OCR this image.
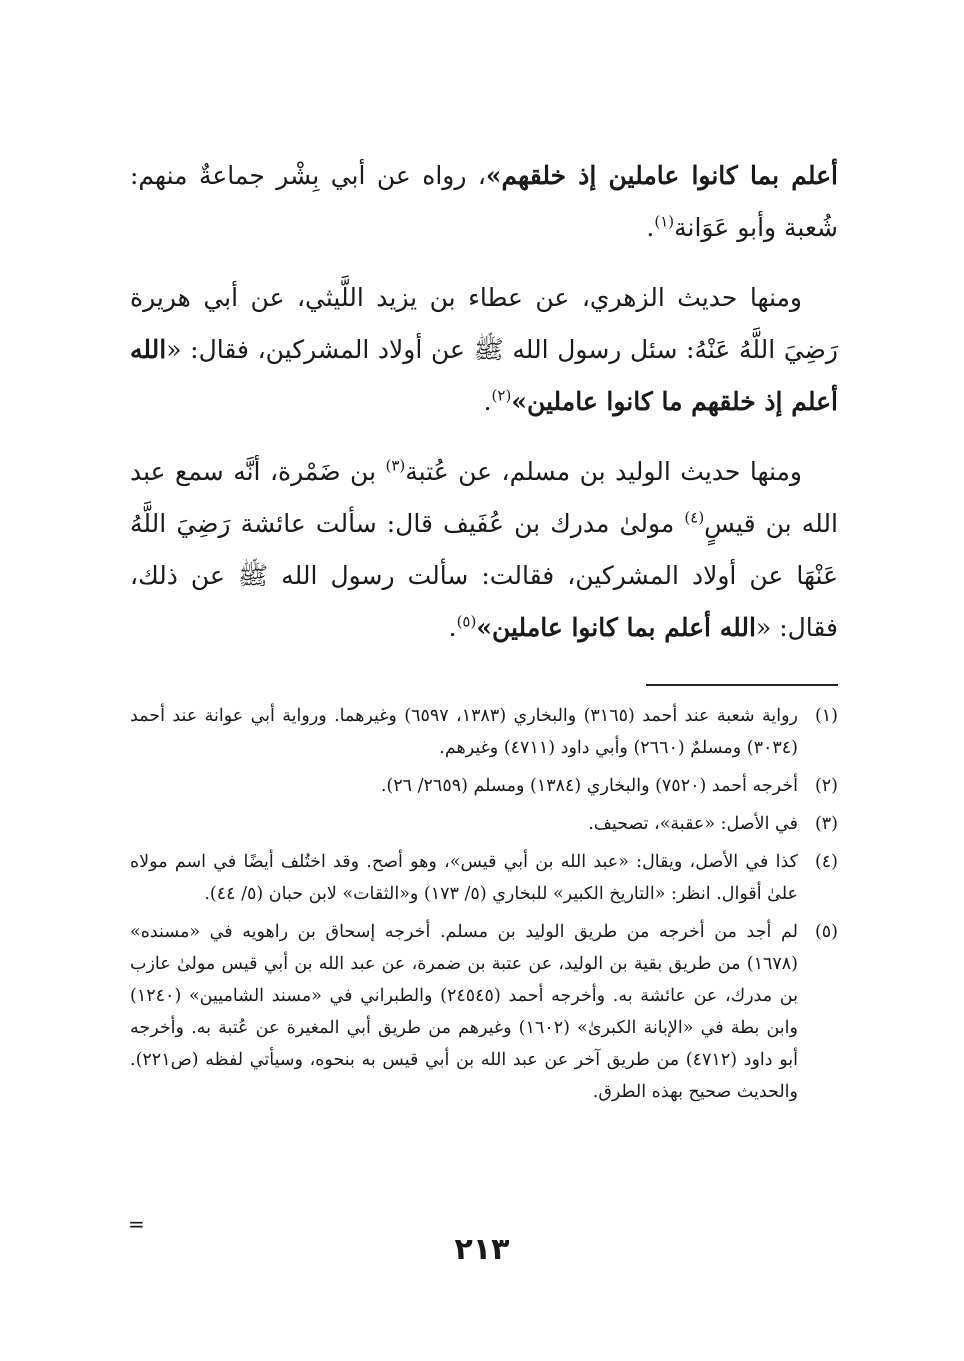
أعلم بما كانوا عاملين إذ خلقهم»، رواه عن أبي بِشْر جماعةٌ منهم: شُعبة وأبو عَوَانة$^{(١)}$.

ومنها حديث الزهري، عن عطاء بن يزيد اللَّيثي، عن أبي هريرة رَضِيَ اللَّهُ عَنْهُ: سئل رسول الله ﷺ عن أولاد المشركين، فقال: «الله أعلم إذ خلقهم ما كانوا عاملين»$^{(٢)}$.

ومنها حديث الوليد بن مسلم، عن عُتبة$^{(٣)}$ بن ضَمْرة، أنَّه سمع عبد الله بن قيسٍ$^{(٤)}$ مولىٰ مدرك بن عُفَيف قال: سألت عائشة رَضِيَ اللَّهُ عَنْهَا عن أولاد المشركين، فقالت: سألت رسول الله ﷺ عن ذلك، فقال: «الله أعلم بما كانوا عاملين»$^{(٥)}$.

(١)
رواية شعبة عند أحمد (٣١٦٥) والبخاري (١٣٨٣، ٦٥٩٧) وغيرهما. ورواية أبي عوانة عند أحمد (٣٠٣٤) ومسلمٌ (٢٦٦٠) وأبي داود (٤٧١١) وغيرهم.
(٢)
أخرجه أحمد (٧٥٢٠) والبخاري (١٣٨٤) ومسلم (٢٦٥٩/ ٢٦).
(٣)
في الأصل: «عقبة»، تصحيف.
(٤)
كذا في الأصل، ويقال: «عبد الله بن أبي قيس»، وهو أصح. وقد اختُلف أيضًا في اسم مولاه علىٰ أقوال. انظر: «التاريخ الكبير» للبخاري (٥/ ١٧٣) و«الثقات» لابن حبان (٥/ ٤٤).
(٥)
لم أجد من أخرجه من طريق الوليد بن مسلم. أخرجه إسحاق بن راهويه في «مسنده» (١٦٧٨) من طريق بقية بن الوليد، عن عتبة بن ضمرة، عن عبد الله بن أبي قيس مولىٰ عازب بن مدرك، عن عائشة به. وأخرجه أحمد (٢٤٥٤٥) والطبراني في «مسند الشاميين» (١٢٤٠) وابن بطة في «الإبانة الكبرىٰ» (١٦٠٢) وغيرهم من طريق أبي المغيرة عن عُتبة به. وأخرجه أبو داود (٤٧١٢) من طريق آخر عن عبد الله بن أبي قيس به بنحوه، وسيأتي لفظه (ص٢٢١). والحديث صحيح بهذه الطرق.
=
٢١٣
